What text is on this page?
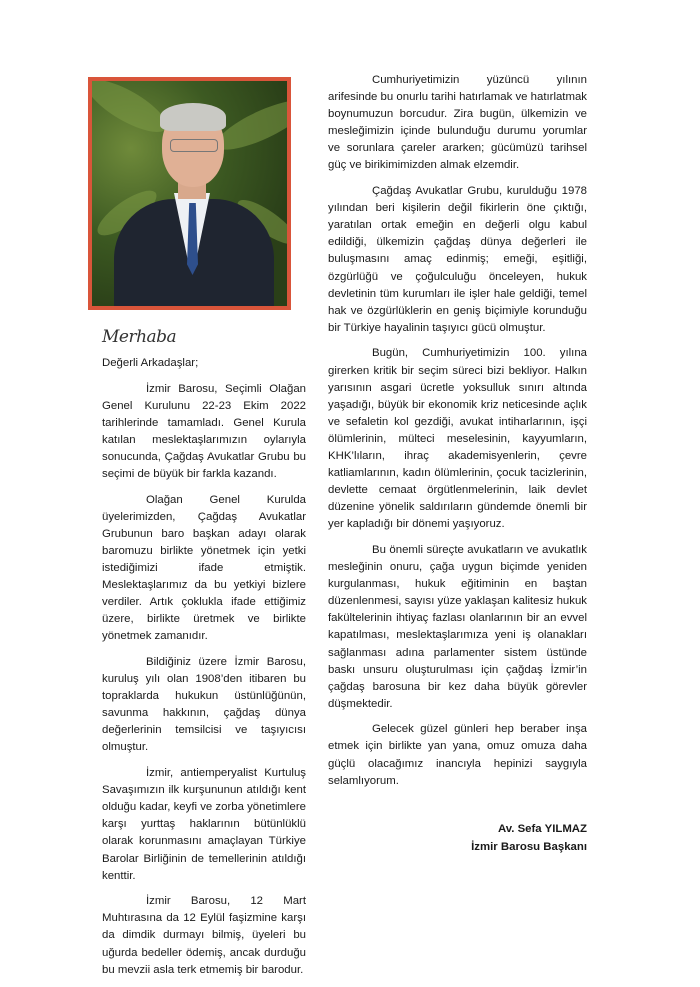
Merhaba

Değerli Arkadaşlar;

İzmir Barosu, Seçimli Olağan Genel Kurulunu 22-23 Ekim 2022 tarihlerinde tamamladı. Genel Kurula katılan meslektaşlarımızın oylarıyla sonucunda, Çağdaş Avukatlar Grubu bu seçimi de büyük bir farkla kazandı.

Olağan Genel Kurulda üyelerimizden, Çağdaş Avukatlar Grubunun baro başkan adayı olarak baromuzu birlikte yönetmek için yetki istediğimizi ifade etmiştik. Meslektaşlarımız da bu yetkiyi bizlere verdiler. Artık çoklukla ifade ettiğimiz üzere, birlikte üretmek ve birlikte yönetmek zamanıdır.

Bildiğiniz üzere İzmir Barosu, kuruluş yılı olan 1908’den itibaren bu topraklarda hukukun üstünlüğünün, savunma hakkının, çağdaş dünya değerlerinin temsilcisi ve taşıyıcısı olmuştur.

İzmir, antiemperyalist Kurtuluş Savaşımızın ilk kurşununun atıldığı kent olduğu kadar, keyfi ve zorba yönetimlere karşı yurttaş haklarının bütünlüklü olarak korunmasını amaçlayan Türkiye Barolar Birliğinin de temellerinin atıldığı kenttir.

İzmir Barosu, 12 Mart Muhtırasına da 12 Eylül faşizmine karşı da dimdik durmayı bilmiş, üyeleri bu uğurda bedeller ödemiş, ancak durduğu bu mevzii asla terk etmemiş bir barodur.

Cumhuriyetimizin yüzüncü yılının arifesinde bu onurlu tarihi hatırlamak ve hatırlatmak boynumuzun borcudur. Zira bugün, ülkemizin ve mesleğimizin içinde bulunduğu durumu yorumlar ve sorunlara çareler ararken; gücümüzü tarihsel güç ve birikimimizden almak elzemdir.

Çağdaş Avukatlar Grubu, kurulduğu 1978 yılından beri kişilerin değil fikirlerin öne çıktığı, yaratılan ortak emeğin en değerli olgu kabul edildiği, ülkemizin çağdaş dünya değerleri ile buluşmasını amaç edinmiş; emeği, eşitliği, özgürlüğü ve çoğulculuğu önceleyen, hukuk devletinin tüm kurumları ile işler hale geldiği, temel hak ve özgürlüklerin en geniş biçimiyle korunduğu bir Türkiye hayalinin taşıyıcı gücü olmuştur.

Bugün, Cumhuriyetimizin 100. yılına girerken kritik bir seçim süreci bizi bekliyor. Halkın yarısının asgari ücretle yoksulluk sınırı altında yaşadığı, büyük bir ekonomik kriz neticesinde açlık ve sefaletin kol gezdiği, avukat intiharlarının, işçi ölümlerinin, mülteci meselesinin, kayyumların, KHK’lıların, ihraç akademisyenlerin, çevre katliamlarının, kadın ölümlerinin, çocuk tacizlerinin, devlette cemaat örgütlenmelerinin, laik devlet düzenine yönelik saldırıların gündemde önemli bir yer kapladığı bir dönemi yaşıyoruz.

Bu önemli süreçte avukatların ve avukatlık mesleğinin onuru, çağa uygun biçimde yeniden kurgulanması, hukuk eğitiminin en baştan düzenlenmesi, sayısı yüze yaklaşan kalitesiz hukuk fakültelerinin ihtiyaç fazlası olanlarının bir an evvel kapatılması, meslektaşlarımıza yeni iş olanakları sağlanması adına parlamenter sistem üstünde baskı unsuru oluşturulması için çağdaş İzmir’in çağdaş barosuna bir kez daha büyük görevler düşmektedir.

Gelecek güzel günleri hep beraber inşa etmek için birlikte yan yana, omuz omuza daha güçlü olacağımız inancıyla hepinizi saygıyla selamlıyorum.

Av. Sefa YILMAZ
İzmir Barosu Başkanı
